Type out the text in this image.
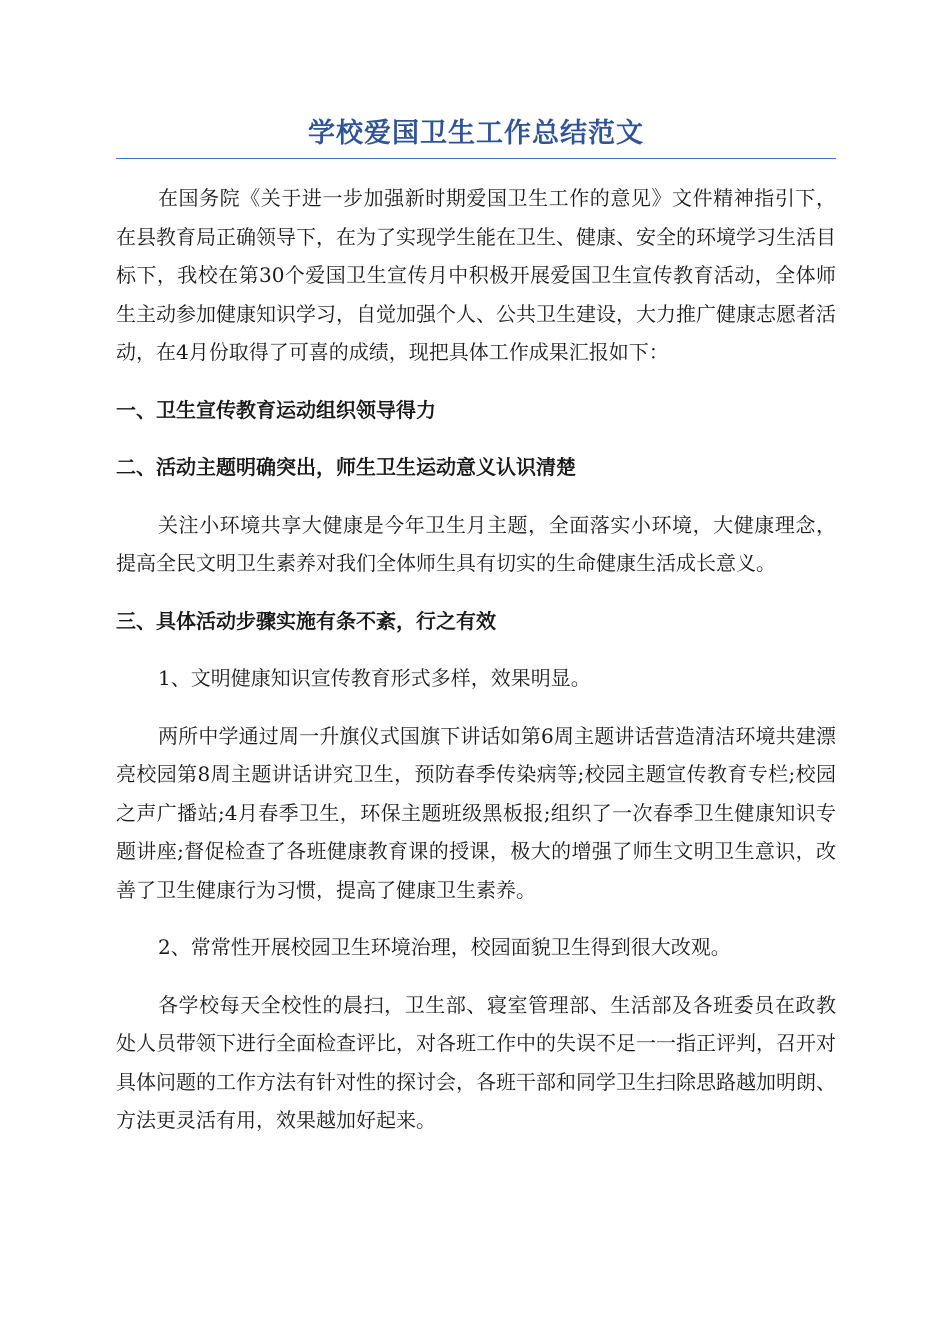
学校爱国卫生工作总结范文

在国务院《关于进一步加强新时期爱国卫生工作的意见》文件精神指引下，在县教育局正确领导下，在为了实现学生能在卫生、健康、安全的环境学习生活目标下，我校在第30个爱国卫生宣传月中积极开展爱国卫生宣传教育活动，全体师生主动参加健康知识学习，自觉加强个人、公共卫生建设，大力推广健康志愿者活动，在4月份取得了可喜的成绩，现把具体工作成果汇报如下：

一、卫生宣传教育运动组织领导得力
二、活动主题明确突出，师生卫生运动意义认识清楚

关注小环境共享大健康是今年卫生月主题，全面落实小环境，大健康理念，提高全民文明卫生素养对我们全体师生具有切实的生命健康生活成长意义。

三、具体活动步骤实施有条不紊，行之有效

1、文明健康知识宣传教育形式多样，效果明显。

两所中学通过周一升旗仪式国旗下讲话如第6周主题讲话营造清洁环境共建漂亮校园第8周主题讲话讲究卫生，预防春季传染病等;校园主题宣传教育专栏;校园之声广播站;4月春季卫生，环保主题班级黑板报;组织了一次春季卫生健康知识专题讲座;督促检查了各班健康教育课的授课，极大的增强了师生文明卫生意识，改善了卫生健康行为习惯，提高了健康卫生素养。

2、常常性开展校园卫生环境治理，校园面貌卫生得到很大改观。

各学校每天全校性的晨扫，卫生部、寝室管理部、生活部及各班委员在政教处人员带领下进行全面检查评比，对各班工作中的失误不足一一指正评判，召开对具体问题的工作方法有针对性的探讨会，各班干部和同学卫生扫除思路越加明朗、方法更灵活有用，效果越加好起来。
